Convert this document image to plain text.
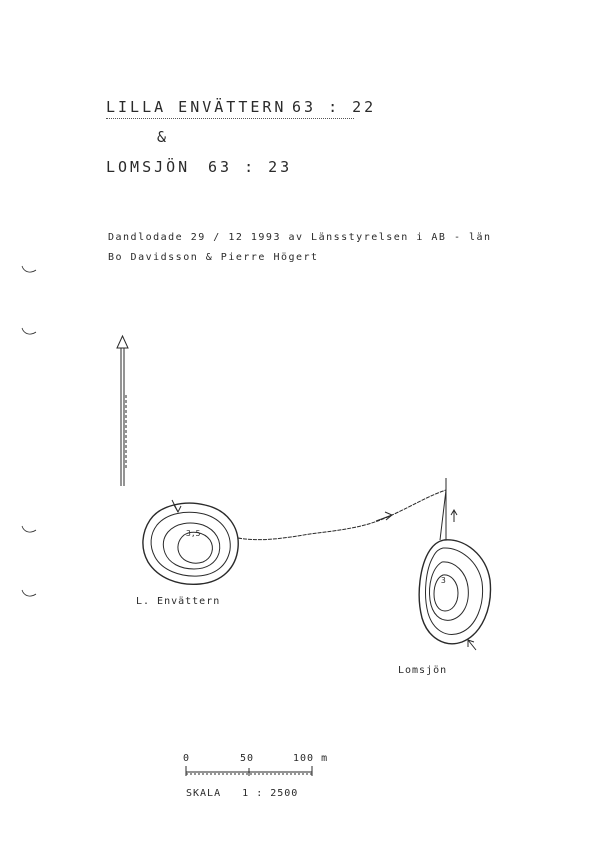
LILLA ENVÄTTERN 63 : 22
&
LOMSJÖN 63 : 23
Dandlodade 29 / 12 1993 av Länsstyrelsen i AB - län
Bo Davidsson & Pierre Högert
3,5
L. Envättern
3
Lomsjön
0	50	100 m
SKALA   1 : 2500
